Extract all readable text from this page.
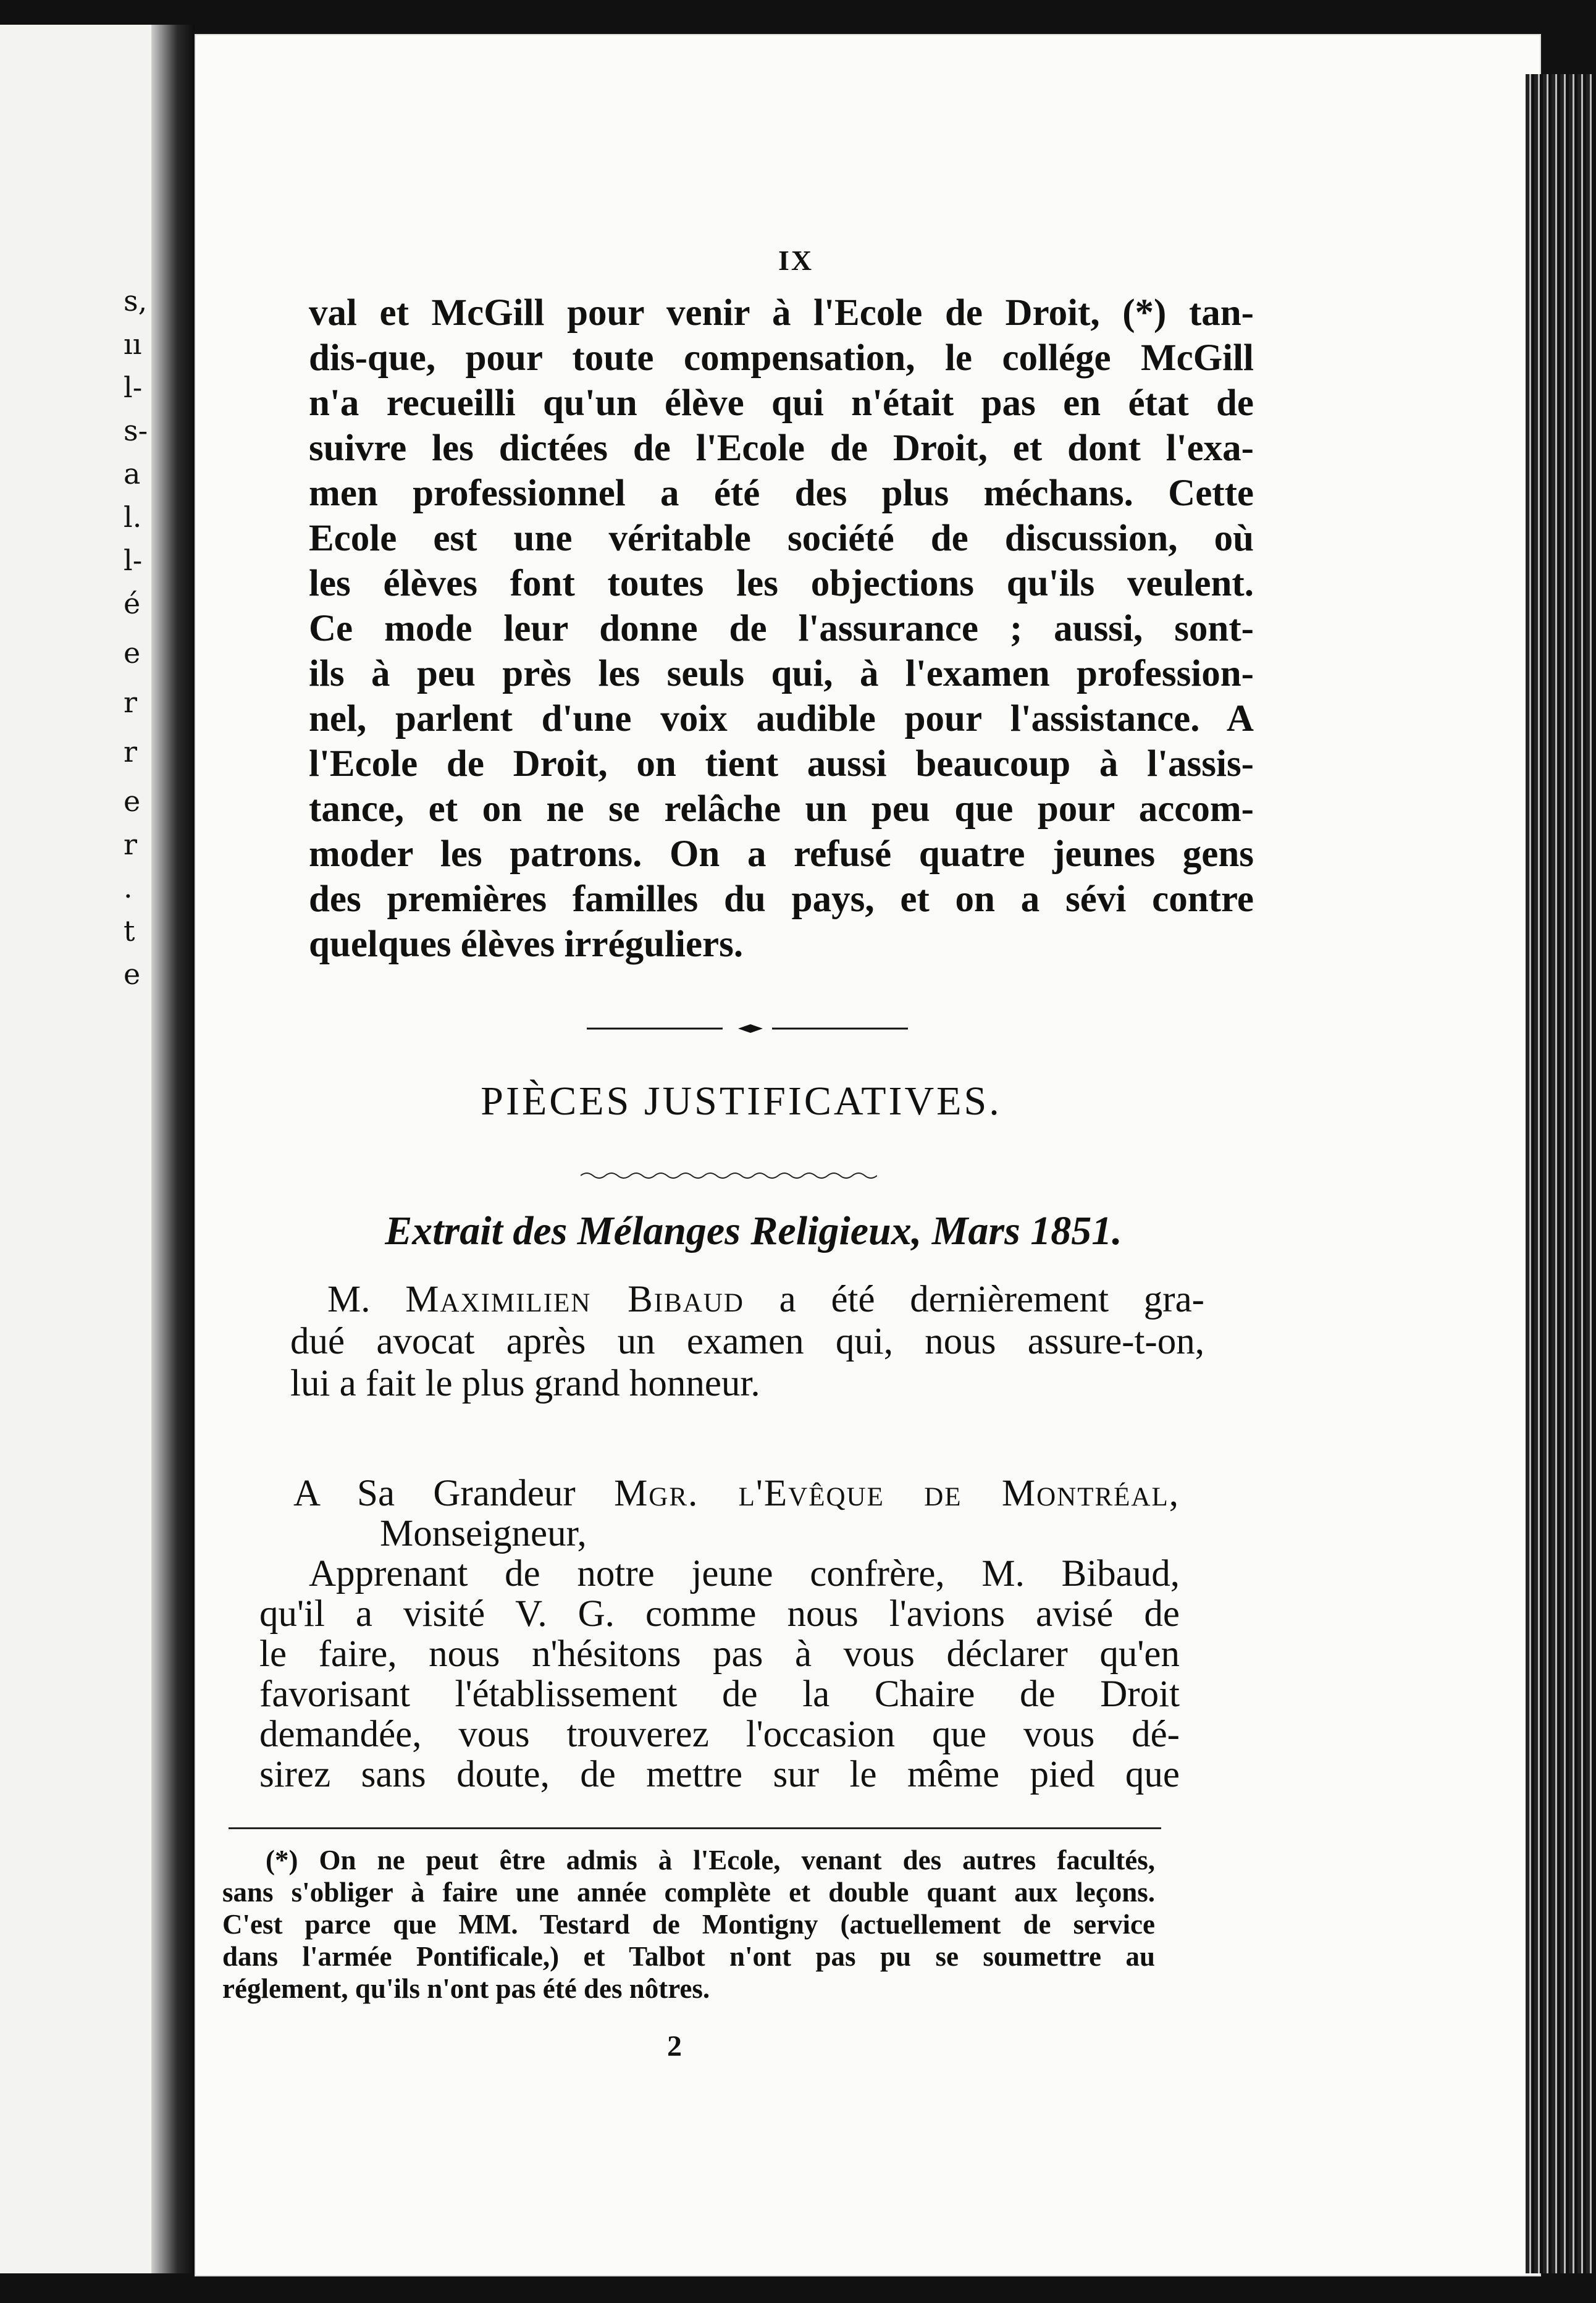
s,
ıı
l-
s-
a
l.
l-
é
e
r
r
e
r
.
t
e
IX
val et McGill pour venir à l'Ecole de Droit, (*) tan-
dis-que, pour toute compensation, le collége McGill
n'a recueilli qu'un élève qui n'était pas en état de
suivre les dictées de l'Ecole de Droit, et dont l'exa-
men professionnel a été des plus méchans. Cette
Ecole est une véritable société de discussion, où
les élèves font toutes les objections qu'ils veulent.
Ce mode leur donne de l'assurance ; aussi, sont-
ils à peu près les seuls qui, à l'examen profession-
nel, parlent d'une voix audible pour l'assistance. A
l'Ecole de Droit, on tient aussi beaucoup à l'assis-
tance, et on ne se relâche un peu que pour accom-
moder les patrons. On a refusé quatre jeunes gens
des premières familles du pays, et on a sévi contre
quelques élèves irréguliers.
PIÈCES JUSTIFICATIVES.
Extrait des Mélanges Religieux, Mars 1851.
M. Maximilien Bibaud a été dernièrement gra-
dué avocat après un examen qui, nous assure-t-on,
lui a fait le plus grand honneur.
A Sa Grandeur Mgr. l'Evêque de Montréal,
Monseigneur,
Apprenant de notre jeune confrère, M. Bibaud,
qu'il a visité V. G. comme nous l'avions avisé de
le faire, nous n'hésitons pas à vous déclarer qu'en
favorisant l'établissement de la Chaire de Droit
demandée, vous trouverez l'occasion que vous dé-
sirez sans doute, de mettre sur le même pied que
(*) On ne peut être admis à l'Ecole, venant des autres facultés,
sans s'obliger à faire une année complète et double quant aux leçons.
C'est parce que MM. Testard de Montigny (actuellement de service
dans l'armée Pontificale,) et Talbot n'ont pas pu se soumettre au
réglement, qu'ils n'ont pas été des nôtres.
2
